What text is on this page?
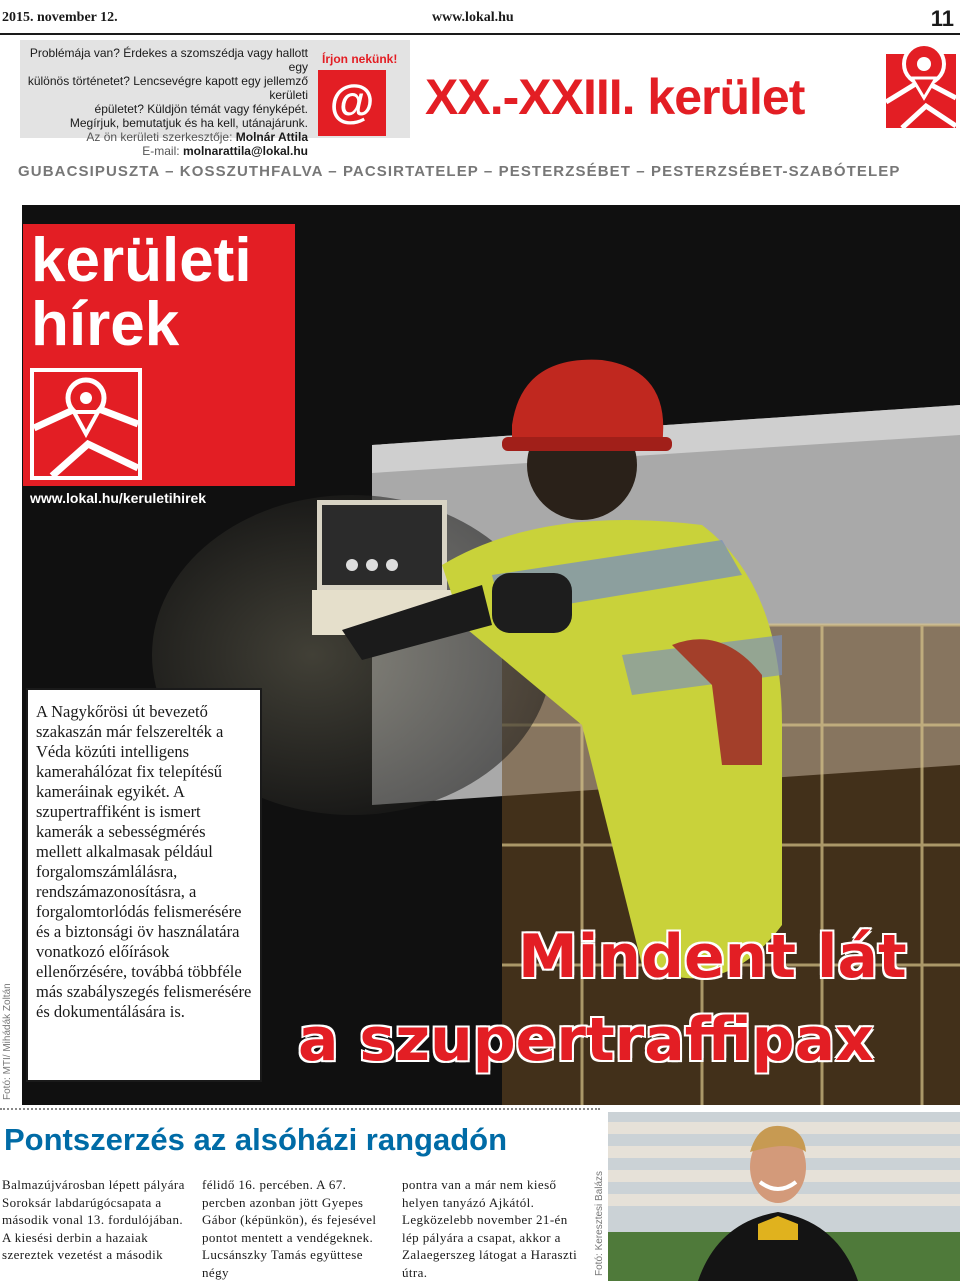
2015. november 12.	www.lokal.hu	11
Problémája van? Érdekes a szomszédja vagy hallott egy
különös történetet? Lencsevégre kapott egy jellemző kerületi
épületet? Küldjön témát vagy fényképét.
Megírjuk, bemutatjuk és ha kell, utánajárunk.
Az ön kerületi szerkesztője: Molnár Attila
E-mail: molnarattila@lokal.hu
Írjon nekünk!
@ XX.-XXIII. kerület
GUBACSIPUSZTA – KOSSZUTHFALVA – PACSIRTATELEP – PESTERZSÉBET – PESTERZSÉBET-SZABÓTELEP
kerületi
hírek
www.lokal.hu/keruletihirek
A Nagykőrösi út bevezető szakaszán már felszerelték a Véda közúti intelligens kamerahálózat fix telepítésű kameráinak egyikét. A szupertraffiként is ismert kamerák a sebességmérés mellett alkalmasak például forgalomszámlálásra, rendszámazonosításra, a forgalomtorlódás felismerésére és a biztonsági öv használatára vonatkozó előírások ellenőrzésére, továbbá többféle más szabályszegés felismerésére és dokumentálására is.
Mindent lát
a szupertraffipax
Fotó: MTI/ Mihádák Zoltán
Pontszerzés az alsóházi rangadón
Balmazújvárosban lépett pályára Soroksár labdarúgócsapata a második vonal 13. fordulójában. A kiesési derbin a hazaiak szereztek vezetést a második
félidő 16. percében. A 67. percben azonban jött Gyepes Gábor (képünkön), és fejesével pontot mentett a vendégeknek. Lucsánszky Tamás együttese négy
pontra van a már nem kieső helyen tanyázó Ajkától. Legközelebb november 21-én lép pályára a csapat, akkor a Zalaegerszeg látogat a Haraszti útra.	Fotó: Keresztesi Balázs
